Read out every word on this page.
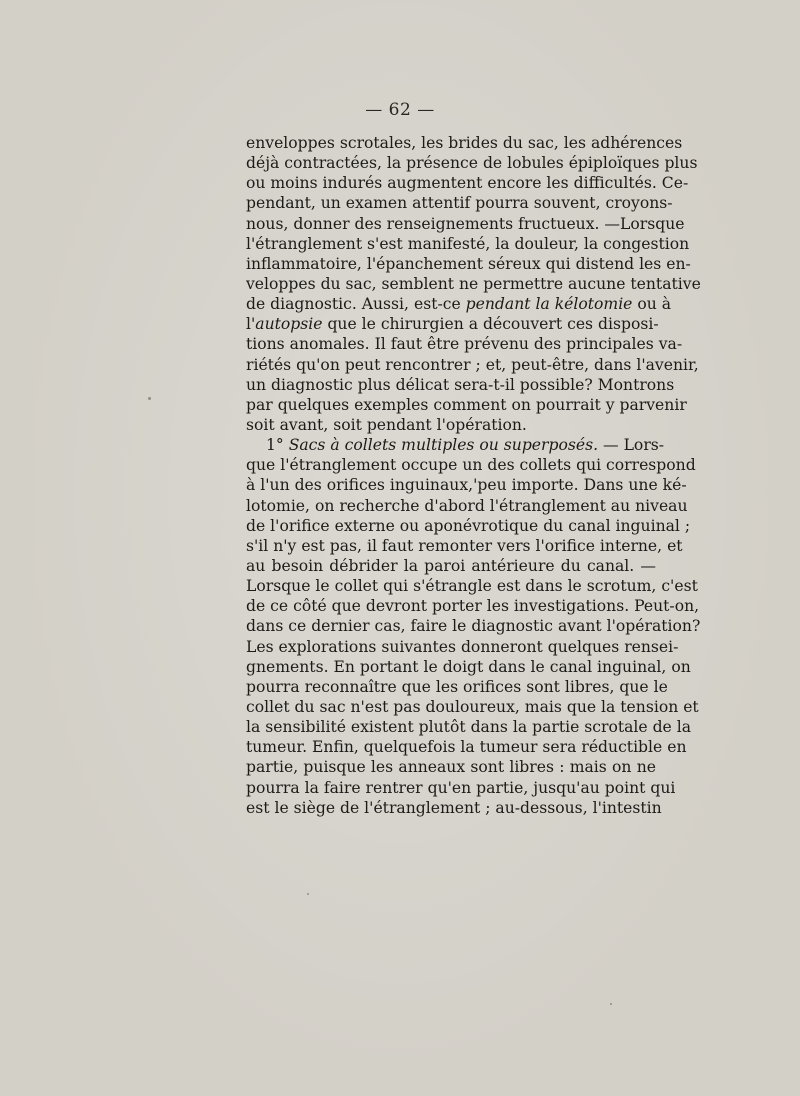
— 62 —
enveloppes scrotales, les brides du sac, les adhérences
déjà contractées, la présence de lobules épiploïques plus
ou moins indurés augmentent encore les difficultés. Ce-
pendant, un examen attentif pourra souvent, croyons-
nous, donner des renseignements fructueux. —Lorsque
l'étranglement s'est manifesté, la douleur, la congestion
inflammatoire, l'épanchement séreux qui distend les en-
veloppes du sac, semblent ne permettre aucune tentative
de diagnostic. Aussi, est-ce pendant la kélotomie ou à
l'autopsie que le chirurgien a découvert ces disposi-
tions anomales. Il faut être prévenu des principales va-
riétés qu'on peut rencontrer ; et, peut-être, dans l'avenir,
un diagnostic plus délicat sera-t-il possible? Montrons
par quelques exemples comment on pourrait y parvenir
soit avant, soit pendant l'opération.
1° Sacs à collets multiples ou superposés. — Lors-
que l'étranglement occupe un des collets qui correspond
à l'un des orifices inguinaux,'peu importe. Dans une ké-
lotomie, on recherche d'abord l'étranglement au niveau
de l'orifice externe ou aponévrotique du canal inguinal ;
s'il n'y est pas, il faut remonter vers l'orifice interne, et
au besoin débrider la paroi antérieure du canal. —
Lorsque le collet qui s'étrangle est dans le scrotum, c'est
de ce côté que devront porter les investigations. Peut-on,
dans ce dernier cas, faire le diagnostic avant l'opération?
Les explorations suivantes donneront quelques rensei-
gnements. En portant le doigt dans le canal inguinal, on
pourra reconnaître que les orifices sont libres, que le
collet du sac n'est pas douloureux, mais que la tension et
la sensibilité existent plutôt dans la partie scrotale de la
tumeur. Enfin, quelquefois la tumeur sera réductible en
partie, puisque les anneaux sont libres : mais on ne
pourra la faire rentrer qu'en partie, jusqu'au point qui
est le siège de l'étranglement ; au-dessous, l'intestin
